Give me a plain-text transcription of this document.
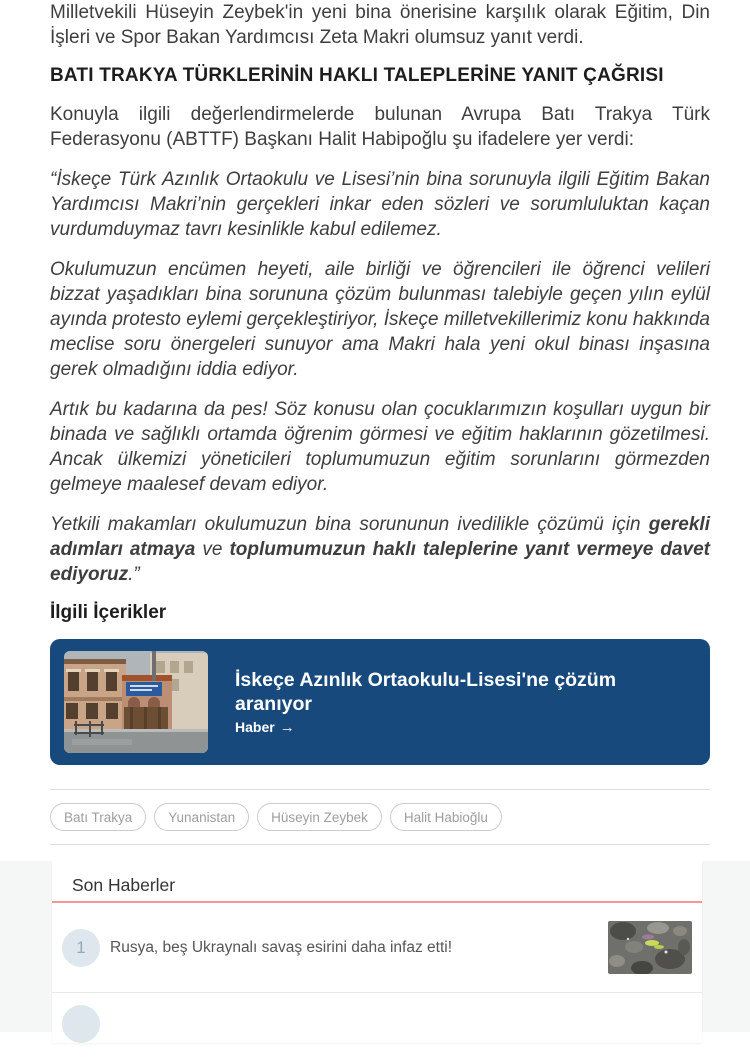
Milletvekili Hüseyin Zeybek'in yeni bina önerisine karşılık olarak Eğitim, Din İşleri ve Spor Bakan Yardımcısı Zeta Makri olumsuz yanıt verdi.

BATI TRAKYA TÜRKLERİNİN HAKLI TALEPLERİNE YANIT ÇAĞRISI

Konuyla ilgili değerlendirmelerde bulunan Avrupa Batı Trakya Türk Federasyonu (ABTTF) Başkanı Halit Habipoğlu şu ifadelere yer verdi:

“İskeçe Türk Azınlık Ortaokulu ve Lisesi’nin bina sorunuyla ilgili Eğitim Bakan Yardımcısı Makri’nin gerçekleri inkar eden sözleri ve sorumluluktan kaçan vurdumduymaz tavrı kesinlikle kabul edilemez.

Okulumuzun encümen heyeti, aile birliği ve öğrencileri ile öğrenci velileri bizzat yaşadıkları bina sorununa çözüm bulunması talebiyle geçen yılın eylül ayında protesto eylemi gerçekleştiriyor, İskeçe milletvekillerimiz konu hakkında meclise soru önergeleri sunuyor ama Makri hala yeni okul binası inşasına gerek olmadığını iddia ediyor.

Artık bu kadarına da pes! Söz konusu olan çocuklarımızın koşulları uygun bir binada ve sağlıklı ortamda öğrenim görmesi ve eğitim haklarının gözetilmesi. Ancak ülkemizi yöneticileri toplumumuzun eğitim sorunlarını görmezden gelmeye maalesef devam ediyor.

Yetkili makamları okulumuzun bina sorununun ivedilikle çözümü için gerekli adımları atmaya ve toplumumuzun haklı taleplerine yanıt vermeye davet ediyoruz.”

İlgili İçerikler
İskeçe Azınlık Ortaokulu-Lisesi'ne çözüm aranıyor
Haber →
Batı Trakya	Yunanistan	Hüseyin Zeybek	Halit Habioğlu
Son Haberler
1	Rusya, beş Ukraynalı savaş esirini daha infaz etti!
